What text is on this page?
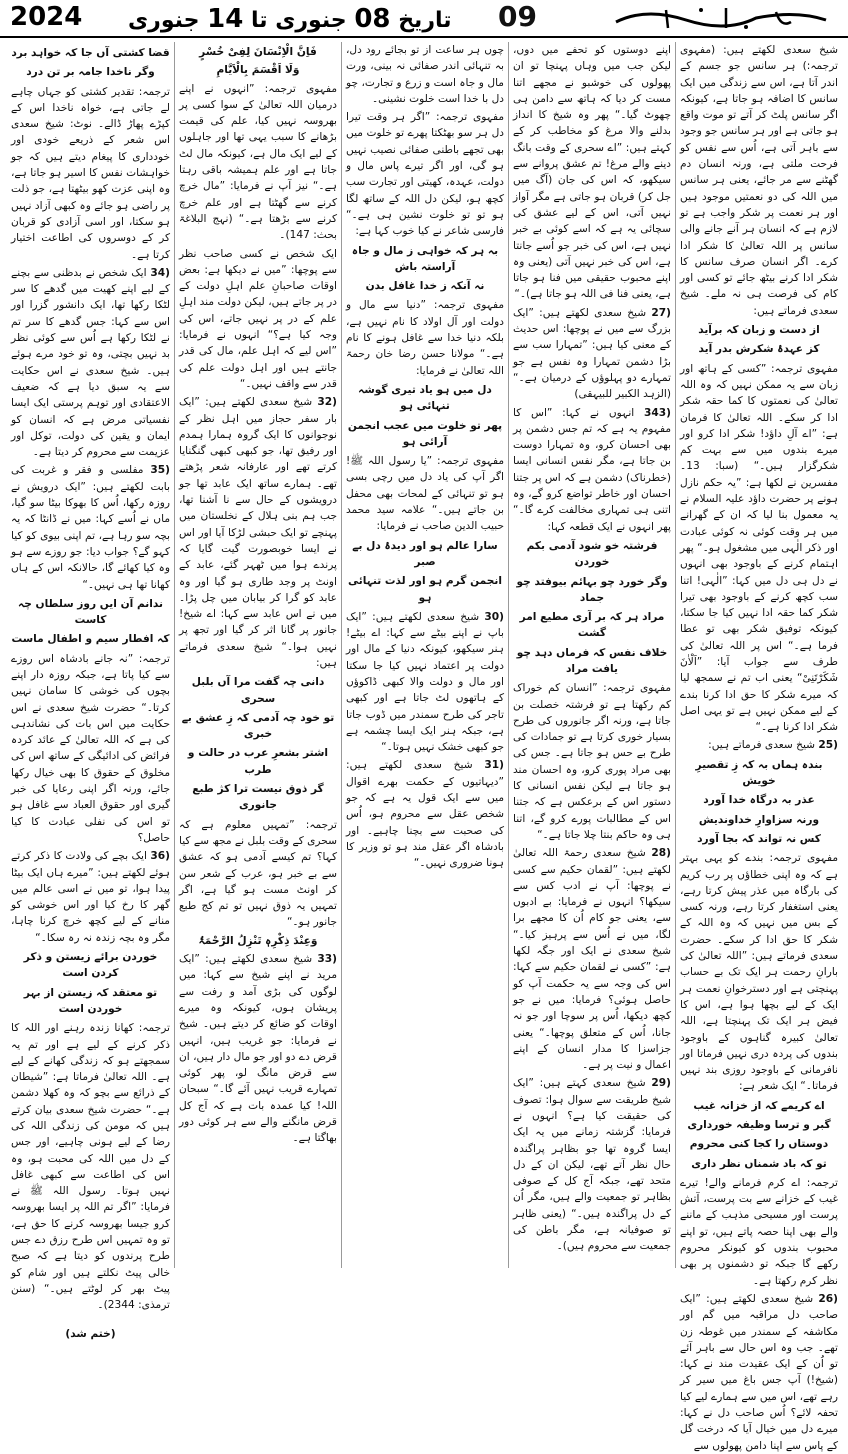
2024	تاریخ 08 جنوری تا 14 جنوری	09

شیخ سعدی لکھتے ہیں: (مفہوی ترجمہ:) ہر سانس جو جسم کے اندر آتا ہے، اس سے زندگی میں ایک سانس کا اضافہ ہو جاتا ہے، کیونکہ اگر سانس پلٹ کر آتے تو موت واقع ہو جاتی ہے اور ہر سانس جو وجود سے باہر آتی ہے، اُس سے نفس کو فرحت ملتی ہے، ورنہ انسان دم گھٹنے سے مر جائے، یعنی ہر سانس میں اللہ کی دو نعمتیں موجود ہیں اور ہر نعمت پر شکر واجب ہے تو لازم ہے کہ انسان ہر آنے جانے والی سانس پر اللہ تعالیٰ کا شکر ادا کرے۔ اگر انسان صرف سانس کا شکر ادا کرنے بیٹھ جائے تو کسی اور کام کی فرصت ہی نہ ملے۔ شیخ سعدی فرماتے ہیں:

از دست و زبان کہ برآید
کز عہدۂ شکرش بدر آید

مفہوی ترجمہ: ”کسی کے ہاتھ اور زبان سے یہ ممکن نہیں کہ وہ اللہ تعالیٰ کی نعمتوں کا کما حقہ شکر ادا کر سکے۔ اللہ تعالیٰ کا فرمان ہے: ”اے آلِ داؤد! شکر ادا کرو اور میرے بندوں میں سے بہت کم شکرگزار ہیں۔“ (سبا: 13۔ مفسرین نے لکھا ہے: ”یہ حکم نازل ہونے پر حضرت داؤد علیہ السلام نے یہ معمول بنا لیا کہ ان کے گھرانے میں ہر وقت کوئی نہ کوئی عبادت اور ذکر الٰہی میں مشغول ہو۔“ پھر اہتمام کرنے کے باوجود بھی انہوں نے دل ہی دل میں کہا: ”الٰہی! اتنا سب کچھ کرنے کے باوجود بھی تیرا شکر کما حقہ ادا نہیں کیا جا سکتا، کیونکہ توفیق شکر بھی تو عطا فرما ہے۔“ اس پر اللہ تعالیٰ کی طرف سے جواب آیا: ”اَلْاٰنَ شَکَرْتَنِیْ“ یعنی اب تم نے سمجھ لیا کہ میرے شکر کا حق ادا کرنا بندے کے لیے ممکن نہیں ہے تو یہی اصل شکر ادا کرنا ہے۔“

(25 شیخ سعدی فرماتے ہیں:

بندہ ہماں بہ کہ زِ تقصیرِ خویش
عذر بہ درگاہ خدا آورد
ورنہ سزاوارِ خداوندیش
کس نہ تواند کہ بجا آورد

مفہوی ترجمہ: بندے کو یہی بہتر ہے کہ وہ اپنی خطاؤں پر رب کریم کی بارگاہ میں عذر پیش کرتا رہے، یعنی استغفار کرتا رہے، ورنہ کسی کے بس میں نہیں کہ وہ اللہ کے شکر کا حق ادا کر سکے۔ حضرت سعدی فرماتے ہیں: ”اللہ تعالیٰ کی بارانِ رحمت ہر ایک تک بے حساب پہنچتی ہے اور دسترخوانِ نعمت ہر ایک کے لیے بچھا ہوا ہے، اس کا فیض ہر ایک تک پہنچتا ہے، اللہ تعالیٰ کبیرہ گناہوں کے باوجود بندوں کی پردہ دری نہیں فرماتا اور نافرمانی کے باوجود روزی بند نہیں فرماتا۔“ ایک شعر ہے:

اے کریمے کہ از خزانہ غیب
گبر و ترسا وظیفہ خورداری
دوستاں را کجا کنی محروم
تو کہ باد شمناں نظر داری

ترجمہ: اے کرم فرمانے والے! تیرے غیب کے خزانے سے بت پرست، آتش پرست اور مسیحی مذہب کے ماننے والے بھی اپنا حصہ پاتے ہیں، تو اپنے محبوب بندوں کو کیونکر محروم رکھے گا جبکہ تو دشمنوں پر بھی نظر کرم رکھتا ہے۔

(26 شیخ سعدی لکھتے ہیں: ”ایک صاحب دل مراقبہ میں گم اور مکاشفہ کے سمندر میں غوطہ زن تھے۔ جب وہ اس حال سے باہر آئے تو اُن کے ایک عقیدت مند نے کہا: (شیخ!) آپ جس باغ میں سیر کر رہے تھے، اس میں سے ہمارے لیے کیا تحفہ لائے؟ اُس صاحب دل نے کہا: میرے دل میں خیال آیا کہ درخت گل کے پاس سے اپنا دامن پھولوں سے

اپنے دوستوں کو تحفے میں دوں، لیکن جب میں وہاں پہنچا تو ان پھولوں کی خوشبو نے مجھے اتنا مست کر دیا کہ ہاتھ سے دامن ہی چھوٹ گیا۔“ پھر وہ شیخ کا انداز بدلنے والا مرغ کو مخاطب کر کے کہتے ہیں: ”اے سحری کے وقت بانگ دینے والے مرغ! تم عشق پروانے سے سیکھو، کہ اس کی جان (آگ میں جل کر) قربان ہو جاتی ہے مگر آواز نہیں آتی، اس کے لیے عشق کی سچائی یہ ہے کہ اسے کوئی بے خبر نہیں ہے، اس کی خبر جو اُسے جانتا ہے، اس کی خبر نہیں آتی (یعنی وہ اپنے محبوب حقیقی میں فنا ہو جاتا ہے، یعنی فنا فی اللہ ہو جاتا ہے)۔“

(27 شیخ سعدی لکھتے ہیں: ”ایک بزرگ سے میں نے پوچھا: اس حدیث کے معنی کیا ہیں: ”تمہارا سب سے بڑا دشمن تمہارا وہ نفس ہے جو تمہارے دو پہلوؤں کے درمیان ہے۔“ (الزہد الکبیر للبیہقی)

(343 انہوں نے کہا: ”اس کا مفہوم یہ ہے کہ تم جس دشمن پر بھی احسان کرو، وہ تمہارا دوست بن جاتا ہے، مگر نفس انسانی ایسا (خطرناک) دشمن ہے کہ اس پر جتنا احسان اور خاطر تواضع کرو گے، وہ اتنی ہی تمہاری مخالفت کرے گا۔“ پھر انہوں نے ایک قطعہ کہا:

فرشتہ خو شود آدمی بکم خوردن
وگر خورد چو بہائم بیوفتد چو جماد
مراد ہر کہ بر آری مطیع امر گشت
خلاف نفس کہ فرماں دہد چو یافت مراد

مفہوی ترجمہ: ”انسان کم خوراک کم رکھتا ہے تو فرشتہ خصلت بن جاتا ہے، ورنہ اگر جانوروں کی طرح بسیار خوری کرتا ہے تو جمادات کی طرح بے حس ہو جاتا ہے۔ جس کی بھی مراد پوری کرو، وہ احسان مند ہو جاتا ہے لیکن نفس انسانی کا دستور اس کے برعکس ہے کہ جتنا اس کے مطالبات پورے کرو گے، اتنا ہی وہ حاکم بنتا چلا جاتا ہے۔“

(28 شیخ سعدی رحمۃ اللہ تعالیٰ لکھتے ہیں: ”لقمان حکیم سے کسی نے پوچھا: آپ نے ادب کس سے سیکھا؟ انہوں نے فرمایا: بے ادبوں سے، یعنی جو کام اُن کا مجھے برا لگا، میں نے اُس سے پرہیز کیا۔“ شیخ سعدی نے ایک اور جگہ لکھا ہے: ”کسی نے لقمان حکیم سے کہا: اس کی وجہ سے یہ حکمت آپ کو حاصل ہوئی؟ فرمایا: میں نے جو کچھ دیکھا، اُس پر سوچا اور جو نہ جانا، اُس کے متعلق پوچھا۔“ یعنی جزاسزا کا مدار انسان کے اپنے اعمال و نیت پر ہے۔

(29 شیخ سعدی کہتے ہیں: ”ایک شیخ طریقت سے سوال ہوا: تصوف کی حقیقت کیا ہے؟ انہوں نے فرمایا: گزشتہ زمانے میں یہ ایک ایسا گروہ تھا جو بظاہر پراگندہ حال نظر آتے تھے، لیکن ان کے دل متحد تھے، جبکہ آج کل کے صوفی بظاہر تو جمعیت والے ہیں، مگر اُن کے دل پراگندہ ہیں۔“ (یعنی ظاہر تو صوفیانہ ہے، مگر باطن کی جمعیت سے محروم ہیں)۔

چوں ہر ساعت از تو بجائے رود دل، بہ تنہائی اندر صفائی نہ بینی، ورت مال و جاہ است و زرع و تجارت، چو دل با خدا است خلوت نشینی۔

مفہوی ترجمہ: ”اگر ہر وقت تیرا دل ہر سو بھٹکتا پھرے تو خلوت میں بھی تجھے باطنی صفائی نصیب نہیں ہو گی، اور اگر تیرے پاس مال و دولت، عہدہ، کھیتی اور تجارت سب کچھ ہو، لیکن دل اللہ کے ساتھ لگا ہو تو تو خلوت نشین ہی ہے۔“ فارسی شاعر نے کیا خوب کہا ہے:

بہ ہر کہ خواہی ز مال و جاہ آراستہ باش
نہ آنکہ ز خدا غافل بدن

مفہوی ترجمہ: ”دنیا سے مال و دولت اور آل اولاد کا نام نہیں ہے، بلکہ دنیا خدا سے غافل ہونے کا نام ہے۔“ مولانا حسن رضا خان رحمۃ اللہ تعالیٰ نے فرمایا:

دل میں ہو یاد تیری گوشہ تنہائی ہو
پھر تو خلوت میں عجب انجمن آرائی ہو

مفہوی ترجمہ: ”یا رسول اللہ ﷺ! اگر آپ کی یاد دل میں رچی بسی ہو تو تنہائی کے لمحات بھی محفل بن جاتے ہیں۔“ علامہ سید محمد حبیب الدین صاحب نے فرمایا:

سارا عالم ہو اور دیدۂ دل بے صبر
انجمن گرم ہو اور لذت تنہائی ہو

(30 شیخ سعدی لکھتے ہیں: ”ایک باپ نے اپنے بیٹے سے کہا: اے بیٹے! ہنر سیکھو، کیونکہ دنیا کے مال اور دولت پر اعتماد نہیں کیا جا سکتا اور مال و دولت والا کبھی ڈاکوؤں کے ہاتھوں لٹ جاتا ہے اور کبھی تاجر کی طرح سمندر میں ڈوب جاتا ہے، جبکہ ہنر ایک ایسا چشمہ ہے جو کبھی خشک نہیں ہوتا۔“

(31 شیخ سعدی لکھتے ہیں: ”دیہاتیوں کے حکمت بھرے اقوال میں سے ایک قول یہ ہے کہ جو شخص عقل سے محروم ہو، اُس کی صحبت سے بچنا چاہیے۔ اور بادشاہ اگر عقل مند ہو تو وزیر کا ہونا ضروری نہیں۔“

فَاِنَّ الْاِنْسَانَ لِفِیْ خُسْرٍ
وَلَا اَقْسَمَ بِالْاَیَّامِ

مفہوی ترجمہ: ”انہوں نے اپنے درمیان اللہ تعالیٰ کے سوا کسی پر بھروسہ نہیں کیا، علم کی قیمت بڑھانے کا سبب یہی تھا اور جاہلوں کے لیے ایک مال ہے، کیونکہ مال لٹ جاتا ہے اور علم ہمیشہ باقی رہتا ہے۔“ نیز آپ نے فرمایا: ”مال خرچ کرنے سے گھٹتا ہے اور علم خرچ کرنے سے بڑھتا ہے۔“ (نہج البلاغۃ بحث: 147)۔

ایک شخص نے کسی صاحب نظر سے پوچھا: ”میں نے دیکھا ہے: بعض اوقات صاحبانِ علم اہلِ دولت کے در پر جاتے ہیں، لیکن دولت مند اہلِ علم کے در پر نہیں جاتے، اس کی وجہ کیا ہے؟“ انہوں نے فرمایا: ”اس لیے کہ اہل علم، مال کی قدر جانتے ہیں اور اہل دولت علم کی قدر سے واقف نہیں۔“

(32 شیخ سعدی لکھتے ہیں: ”ایک بار سفر حجاز میں اہل نظر کے نوجوانوں کا ایک گروہ ہمارا ہمدم اور رفیق تھا، جو کبھی کبھی گنگنایا کرتے تھے اور عارفانہ شعر پڑھتے تھے۔ ہمارے ساتھ ایک عابد تھا جو درویشوں کے حال سے نا آشنا تھا، جب ہم بنی ہلال کے نخلستان میں پہنچے تو ایک حبشی لڑکا آیا اور اس نے ایسا خوبصورت گیت گایا کہ پرندے ہوا میں ٹھہر گئے، عابد کے اونٹ پر وجد طاری ہو گیا اور وہ عابد کو گرا کر بیابان میں چل پڑا۔ میں نے اس عابد سے کہا: اے شیخ! جانور پر گانا اثر کر گیا اور تجھ پر نہیں ہوا۔“ شیخ سعدی فرماتے ہیں:

دانی چہ گفت مرا آں بلبل سحری
تو خود چہ آدمی کہ زِ عشق بے خبری
اشتر بشعرِ عرب در حالت و طرب
گر ذوق نیست ترا کژ طبع جانوری

ترجمہ: ”تمہیں معلوم ہے کہ سحری کے وقت بلبل نے مجھ سے کیا کہا؟ تم کیسے آدمی ہو کہ عشق سے بے خبر ہو، عرب کے شعر سن کر اونٹ مست ہو گیا ہے، اگر تمہیں یہ ذوق نہیں تو تم کج طبع جانور ہو۔“

وَعِنْدَ ذِکْرِہٖ تَنْزِلُ الرَّحْمَۃُ

(33 شیخ سعدی لکھتے ہیں: ”ایک مرید نے اپنے شیخ سے کہا: میں لوگوں کی بڑی آمد و رفت سے پریشان ہوں، کیونکہ وہ میرے اوقات کو ضائع کر دیتے ہیں۔ شیخ نے فرمایا: جو غریب ہیں، انہیں قرض دے دو اور جو مال دار ہیں، ان سے قرض مانگ لو، پھر کوئی تمہارے قریب نہیں آئے گا۔“ سبحان اللہ! کیا عمدہ بات ہے کہ آج کل قرض مانگنے والے سے ہر کوئی دور بھاگتا ہے۔

قضا کشتی آں جا کہ خواہد برد
وگر ناخدا جامہ بر تن درد

ترجمہ: تقدیر کشتی کو جہاں چاہے لے جاتی ہے، خواہ ناخدا اس کے کپڑے پھاڑ ڈالے۔ نوٹ: شیخ سعدی اس شعر کے ذریعے خودی اور خودداری کا پیغام دیتے ہیں کہ جو خواہشات نفس کا اسیر ہو جاتا ہے، وہ اپنی عزت کھو بیٹھتا ہے، جو ذلت پر راضی ہو جائے وہ کبھی آزاد نہیں ہو سکتا، اور اسی آزادی کو قربان کر کے دوسروں کی اطاعت اختیار کرتا ہے۔

(34 ایک شخص نے بدظنی سے بچنے کے لیے اپنے کھیت میں گدھے کا سر لٹکا رکھا تھا، ایک دانشور گزرا اور اس سے کہا: جس گدھے کا سر تم نے لٹکا رکھا ہے اُس سے کوئی نظر بد نہیں بچتی، وہ تو خود مرے ہوئے ہیں۔ شیخ سعدی نے اس حکایت سے یہ سبق دیا ہے کہ ضعیف الاعتقادی اور توہم پرستی ایک ایسا نفسیاتی مرض ہے کہ انسان کو ایمان و یقین کی دولت، توکل اور عزیمت سے محروم کر دیتا ہے۔

(35 مفلسی و فقر و غربت کی بابت لکھتے ہیں: ”ایک درویش نے روزہ رکھا، اُس کا بھوکا بیٹا سو گیا، ماں نے اُسے کہا: میں نے ڈانٹا کہ یہ بچہ سو رہا ہے، تم اپنی بیوی کو کیا کہو گے؟ جواب دیا: جو روزے سے ہو وہ کیا کھائے گا، حالانکہ اس کے ہاں کھانا تھا ہی نہیں۔“

ندانم آن ایں روز سلطاں چہ کاست
کہ افطار سیم و اطفال ماست

ترجمہ: ”نہ جانے بادشاہ اس روزے سے کیا پاتا ہے، جبکہ روزہ دار اپنے بچوں کی خوشی کا سامان نہیں کرتا۔“ حضرت شیخ سعدی نے اس حکایت میں اس بات کی نشاندہی کی ہے کہ اللہ تعالیٰ کے عائد کردہ فرائض کی ادائیگی کے ساتھ اس کی مخلوق کے حقوق کا بھی خیال رکھا جائے، ورنہ اگر اپنی رعایا کی خبر گیری اور حقوق العباد سے غافل ہو تو اس کی نفلی عبادت کا کیا حاصل؟

(36 ایک بچے کی ولادت کا ذکر کرتے ہوئے لکھتے ہیں: ”میرے ہاں ایک بیٹا پیدا ہوا، تو میں نے اسی عالم میں گھر کا رخ کیا اور اس خوشی کو منانے کے لیے کچھ خرچ کرنا چاہا، مگر وہ بچہ زندہ نہ رہ سکا۔“

خوردن برائے زیستن و ذکر کردن است
تو معتقد کہ زیستن از بہر خوردن است

ترجمہ: کھانا زندہ رہنے اور اللہ کا ذکر کرنے کے لیے ہے اور تم یہ سمجھتے ہو کہ زندگی کھانے کے لیے ہے۔ اللہ تعالیٰ فرماتا ہے: ”شیطان کے ذرائع سے بچو کہ وہ کھلا دشمن ہے۔“ حضرت شیخ سعدی بیان کرتے ہیں کہ مومن کی زندگی اللہ کی رضا کے لیے ہونی چاہیے، اور جس کے دل میں اللہ کی محبت ہو، وہ اس کی اطاعت سے کبھی غافل نہیں ہوتا۔ رسول اللہ ﷺ نے فرمایا: ”اگر تم اللہ پر ایسا بھروسہ کرو جیسا بھروسہ کرنے کا حق ہے، تو وہ تمہیں اس طرح رزق دے جس طرح پرندوں کو دیتا ہے کہ صبح خالی پیٹ نکلتے ہیں اور شام کو پیٹ بھر کر لوٹتے ہیں۔“ (سنن ترمذی: 2344)۔

(ختم شد)
